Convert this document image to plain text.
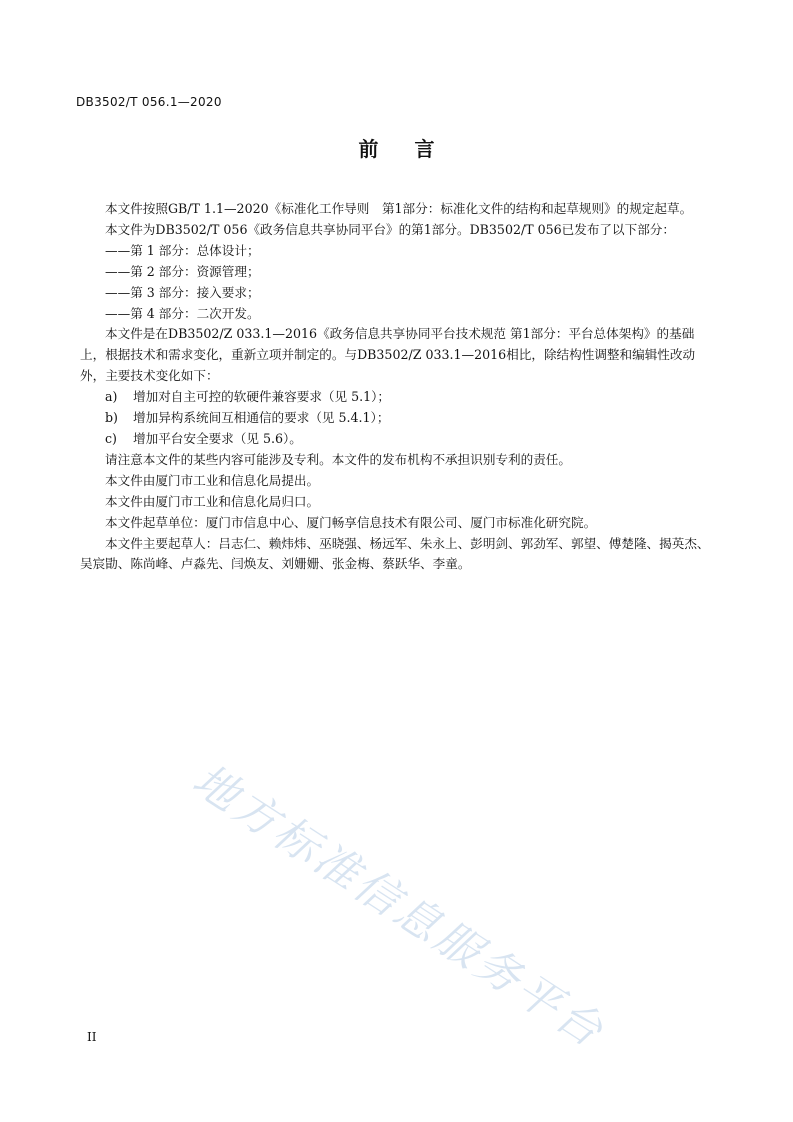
DB3502/T 056.1—2020
前 言

本文件按照GB/T 1.1—2020《标准化工作导则　第1部分：标准化文件的结构和起草规则》的规定起草。

本文件为DB3502/T 056《政务信息共享协同平台》的第1部分。DB3502/T 056已发布了以下部分：

——第 1 部分：总体设计；

——第 2 部分：资源管理；

——第 3 部分：接入要求；

——第 4 部分：二次开发。

本文件是在DB3502/Z 033.1—2016《政务信息共享协同平台技术规范 第1部分：平台总体架构》的基础上，根据技术和需求变化，重新立项并制定的。与DB3502/Z 033.1—2016相比，除结构性调整和编辑性改动外，主要技术变化如下：

a)	增加对自主可控的软硬件兼容要求（见 5.1）；
b)	增加异构系统间互相通信的要求（见 5.4.1）；
c)	增加平台安全要求（见 5.6）。

请注意本文件的某些内容可能涉及专利。本文件的发布机构不承担识别专利的责任。

本文件由厦门市工业和信息化局提出。

本文件由厦门市工业和信息化局归口。

本文件起草单位：厦门市信息中心、厦门畅享信息技术有限公司、厦门市标准化研究院。

本文件主要起草人：吕志仁、赖炜炜、巫晓强、杨远军、朱永上、彭明剑、郭劲军、郭望、傅楚隆、揭英杰、吴宸勖、陈尚峰、卢淼先、闫焕友、刘姗姗、张金梅、蔡跃华、李童。

地方标准信息服务平台
II
